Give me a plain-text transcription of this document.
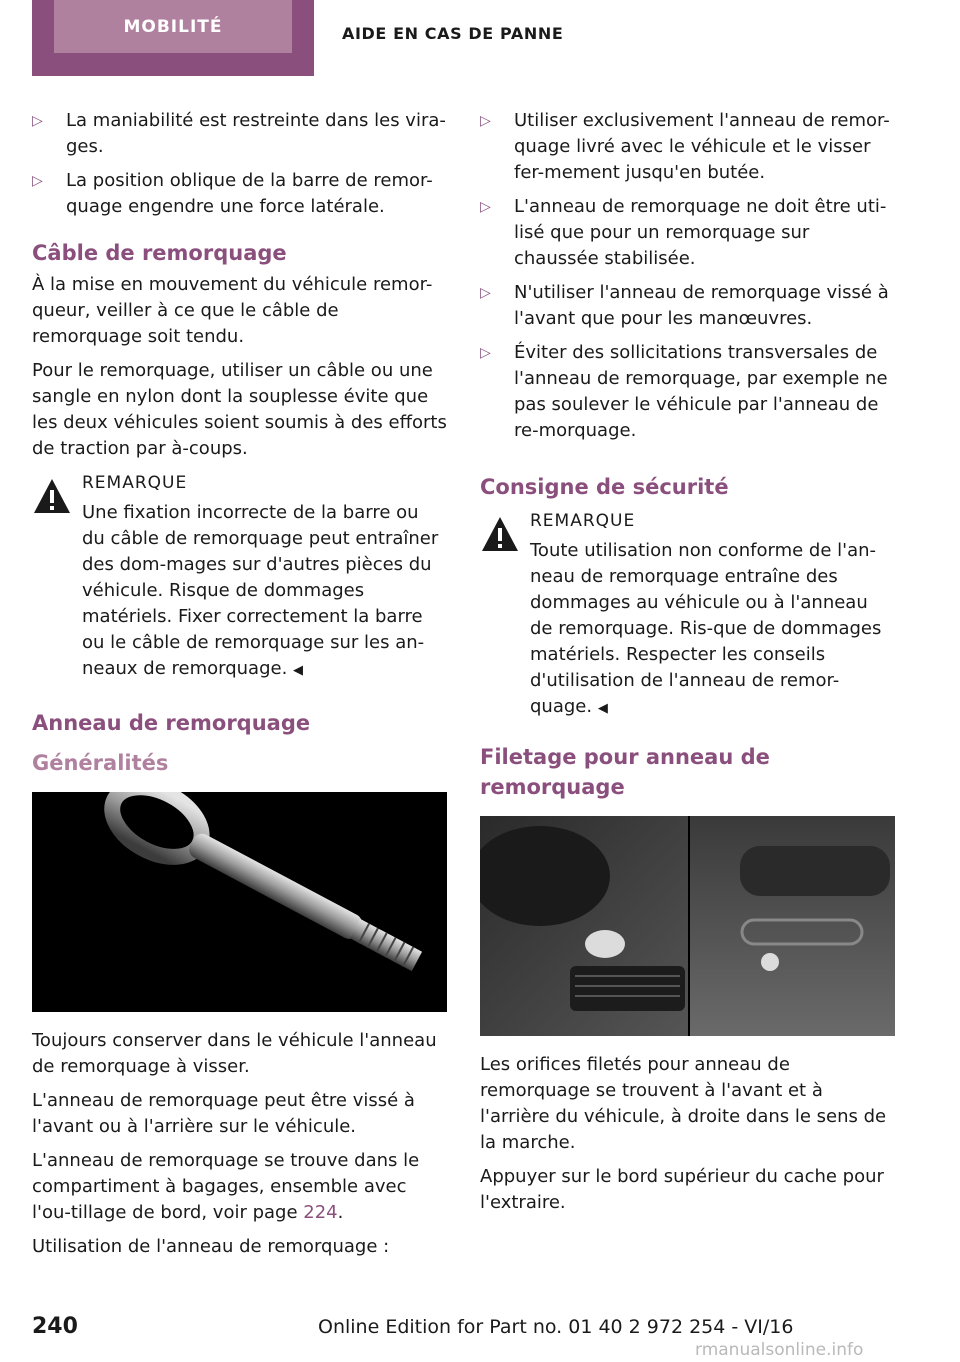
MOBILITÉ	AIDE EN CAS DE PANNE
▷ La maniabilité est restreinte dans les vira-ges.
▷ La position oblique de la barre de remor-quage engendre une force latérale.
Câble de remorquage

À la mise en mouvement du véhicule remor-queur, veiller à ce que le câble de remorquage soit tendu.

Pour le remorquage, utiliser un câble ou une sangle en nylon dont la souplesse évite que les deux véhicules soient soumis à des efforts de traction par à-coups.

REMARQUE

Une fixation incorrecte de la barre ou du câble de remorquage peut entraîner des dom-mages sur d'autres pièces du véhicule. Risque de dommages matériels. Fixer correctement la barre ou le câble de remorquage sur les an-neaux de remorquage. ◀

Anneau de remorquage
Généralités

Toujours conserver dans le véhicule l'anneau de remorquage à visser.

L'anneau de remorquage peut être vissé à l'avant ou à l'arrière sur le véhicule.

L'anneau de remorquage se trouve dans le compartiment à bagages, ensemble avec l'ou-tillage de bord, voir page 224.

Utilisation de l'anneau de remorquage :

▷ Utiliser exclusivement l'anneau de remor-quage livré avec le véhicule et le visser fer-mement jusqu'en butée.
▷ L'anneau de remorquage ne doit être uti-lisé que pour un remorquage sur chaussée stabilisée.
▷ N'utiliser l'anneau de remorquage vissé à l'avant que pour les manœuvres.
▷ Éviter des sollicitations transversales de l'anneau de remorquage, par exemple ne pas soulever le véhicule par l'anneau de re-morquage.
Consigne de sécurité
REMARQUE

Toute utilisation non conforme de l'an-neau de remorquage entraîne des dommages au véhicule ou à l'anneau de remorquage. Ris-que de dommages matériels. Respecter les conseils d'utilisation de l'anneau de remor-quage. ◀

Filetage pour anneau de remorquage

Les orifices filetés pour anneau de remorquage se trouvent à l'avant et à l'arrière du véhicule, à droite dans le sens de la marche.

Appuyer sur le bord supérieur du cache pour l'extraire.

240	Online Edition for Part no. 01 40 2 972 254 - VI/16
rmanualsonline.info
